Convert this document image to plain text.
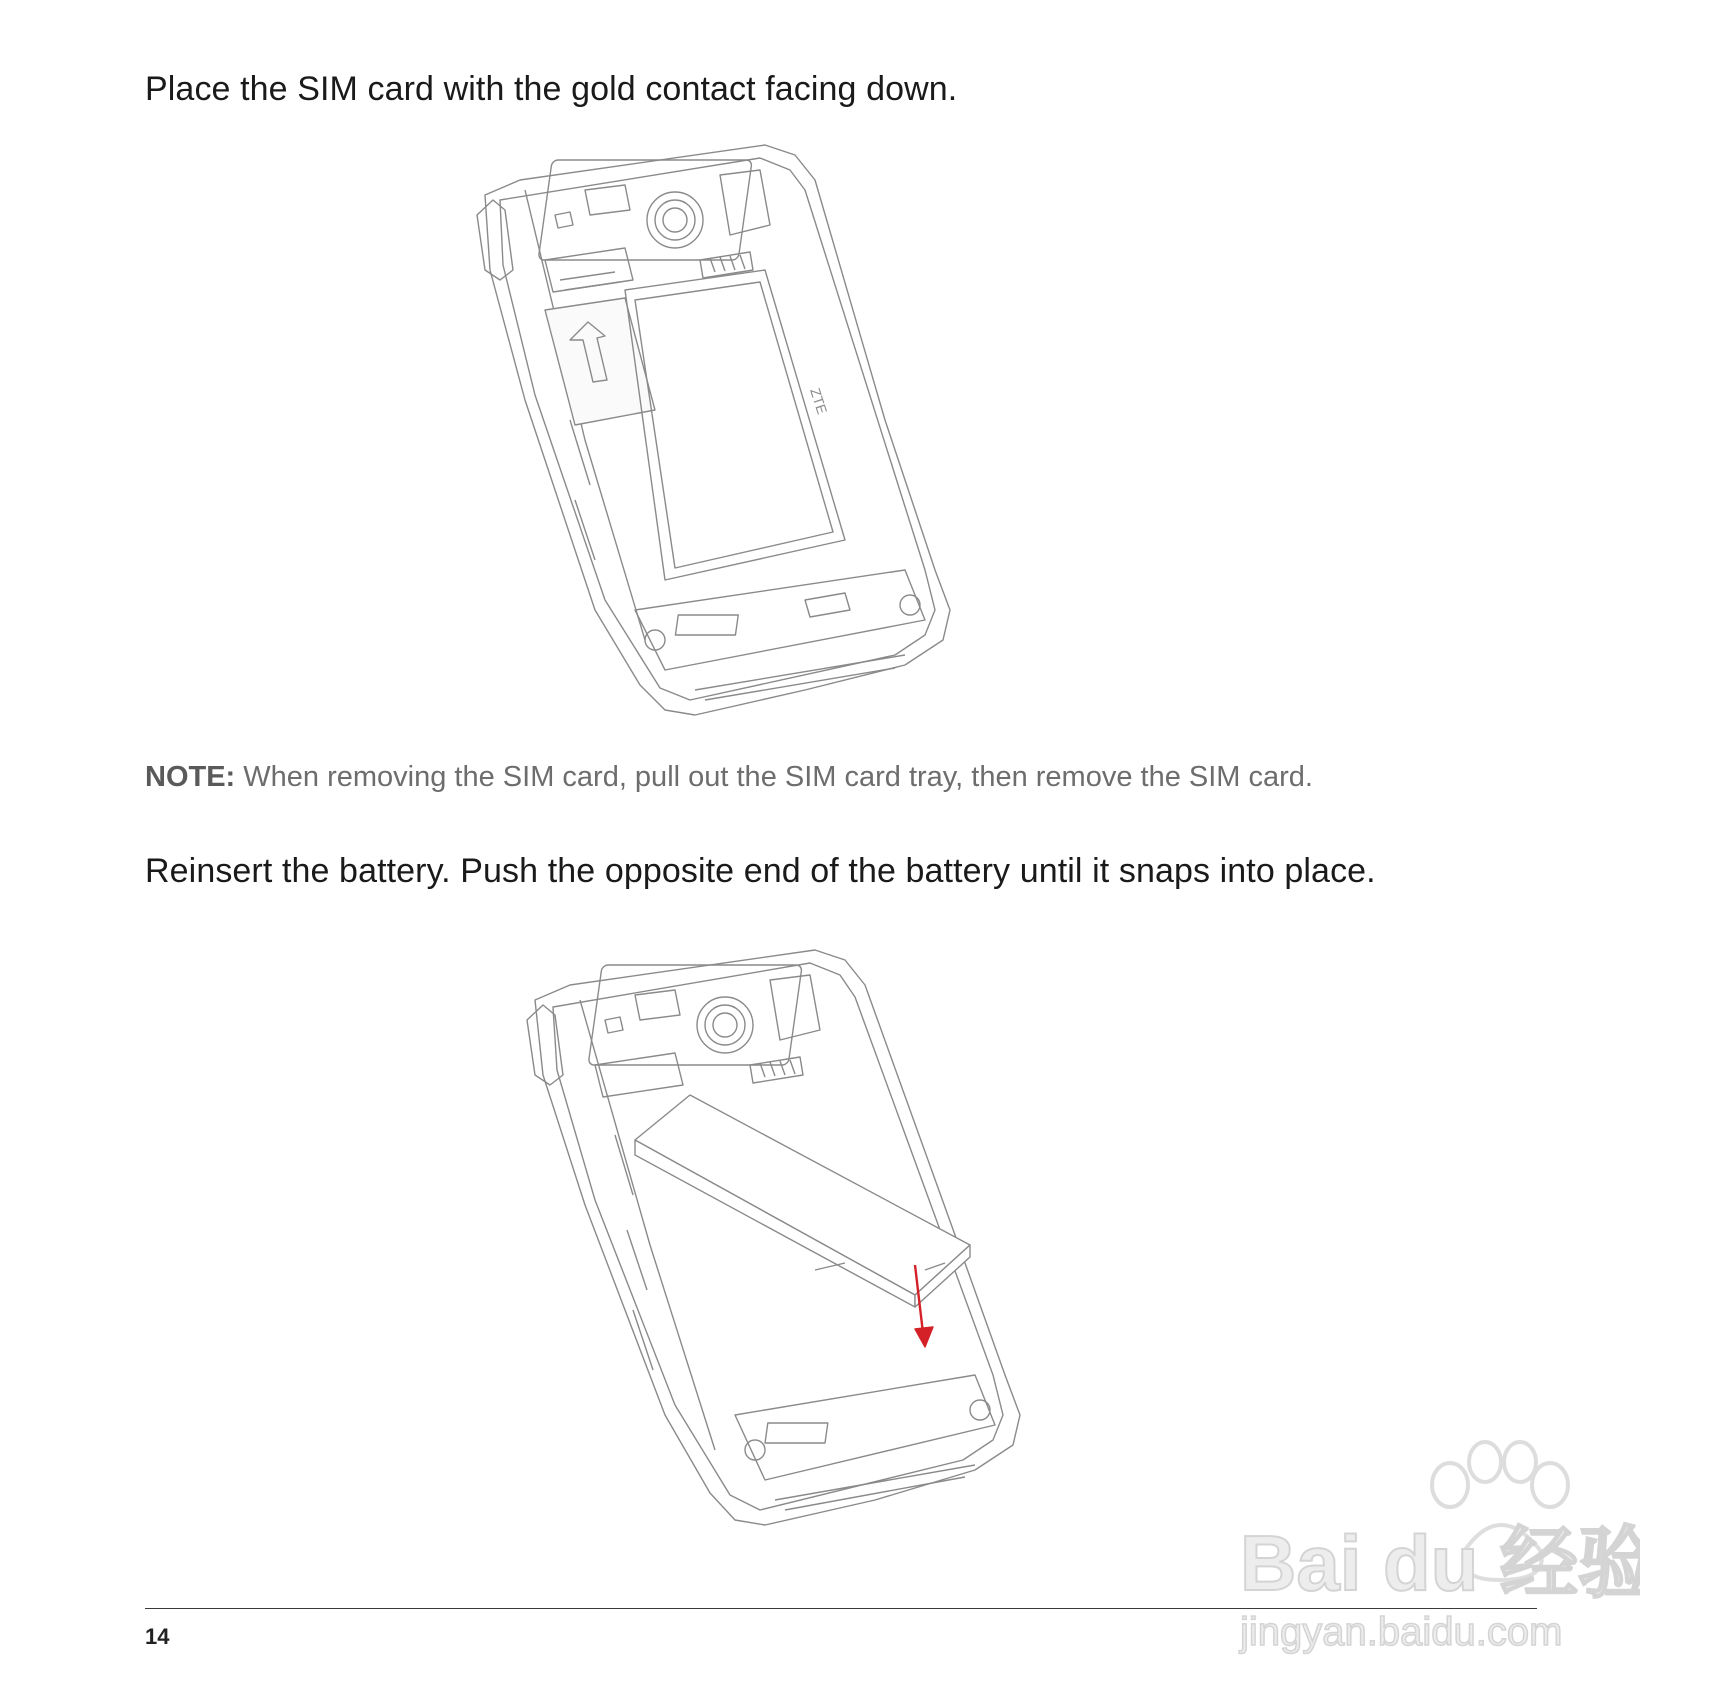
Place the SIM card with the gold contact facing down.

ZTE

NOTE: When removing the SIM card, pull out the SIM card tray, then remove the SIM card.

Reinsert the battery. Push the opposite end of the battery until it snaps into place.

Bai du 经验
jingyan.baidu.com
14
